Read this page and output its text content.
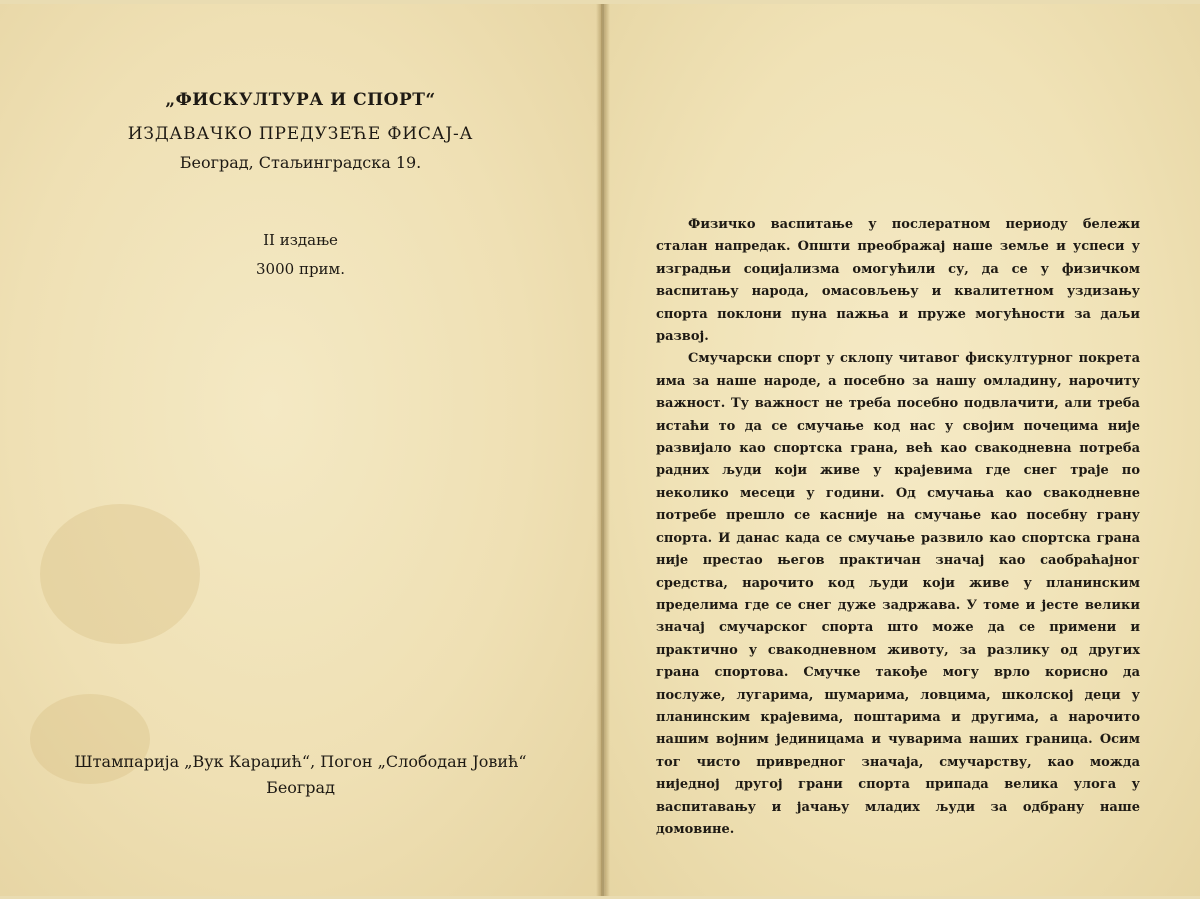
„ФИСКУЛТУРА И СПОРТ“
ИЗДАВАЧКО ПРЕДУЗЕЋЕ ФИСАЈ-А
Београд, Стаљинградска 19.
II издање
3000 прим.
Штампарија „Вук Караџић“, Погон „Слободан Јовић“
Београд

Физичко васпитање у послератном периоду бележи сталан напредак. Општи преображај наше земље и успеси у изградњи социјализма омогућили су, да се у физичком васпитању народа, омасовљењу и квалитетном уздизању спорта поклони пуна пажња и пруже могућности за даљи развој.

Смучарски спорт у склопу читавог фискултурног покрета има за наше народе, а посебно за нашу омладину, нарочиту важност. Ту важност не треба посебно подвлачити, али треба истаћи то да се смучање код нас у својим почецима није развијало као спортска грана, већ као свакодневна потреба радних људи који живе у крајевима где снег траје по неколико месеци у години. Од смучања као свакодневне потребе прешло се касније на смучање као посебну грану спорта. И данас када се смучање развило као спортска грана није престао његов практичан значај као саобраћајног средства, нарочито код људи који живе у планинским пределима где се снег дуже задржава. У томе и јесте велики значај смучарског спорта што може да се примени и практично у свакодневном животу, за разлику од других грана спортова. Смучке такође могу врло корисно да послуже, лугарима, шумарима, ловцима, школској деци у планинским крајевима, поштарима и другима, а нарочито нашим војним јединицама и чуварима наших граница. Осим тог чисто привредног значаја, смучарству, као можда ниједној другој грани спорта припада велика улога у васпитавању и јачању младих људи за одбрану наше домовине.
